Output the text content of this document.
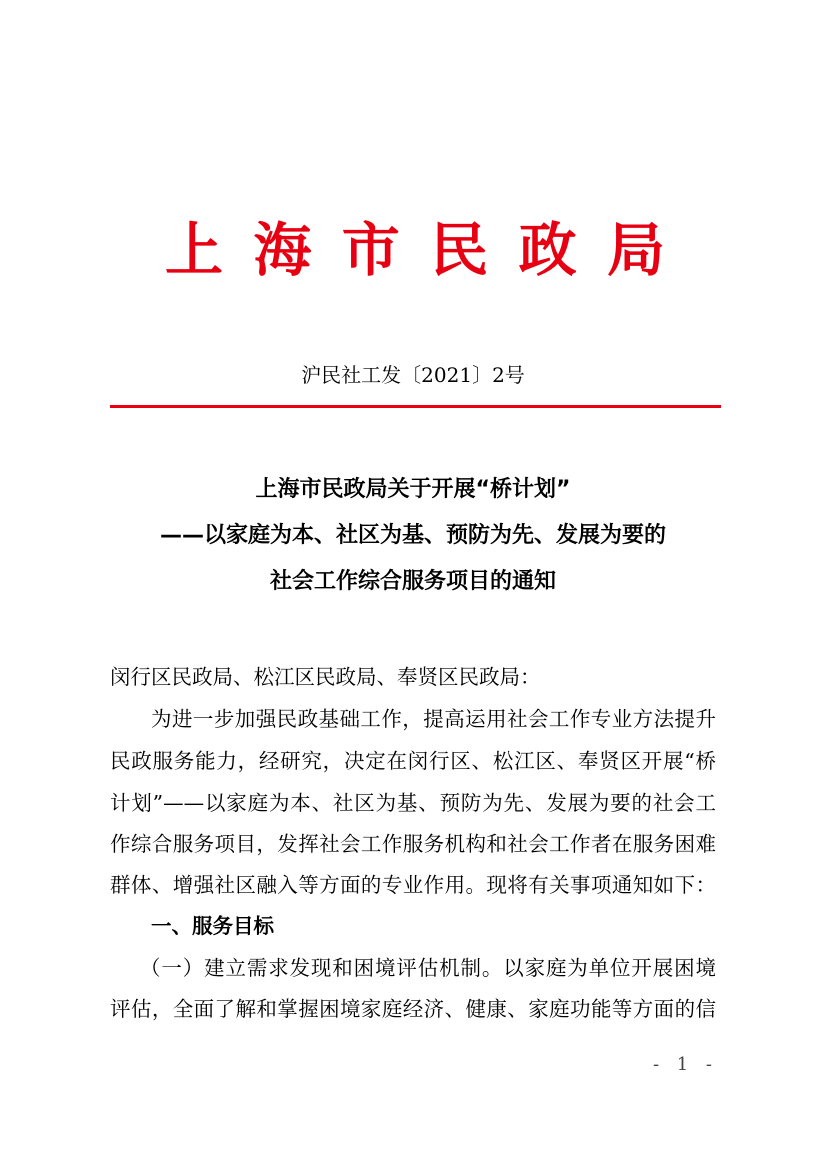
上海市民政局
沪民社工发〔2021〕2号
上海市民政局关于开展“桥计划”
——以家庭为本、社区为基、预防为先、发展为要的
社会工作综合服务项目的通知
闵行区民政局、松江区民政局、奉贤区民政局：
为进一步加强民政基础工作，提高运用社会工作专业方法提升
民政服务能力，经研究，决定在闵行区、松江区、奉贤区开展“桥
计划”——以家庭为本、社区为基、预防为先、发展为要的社会工
作综合服务项目，发挥社会工作服务机构和社会工作者在服务困难
群体、增强社区融入等方面的专业作用。现将有关事项通知如下：
一、服务目标
（一）建立需求发现和困境评估机制。以家庭为单位开展困境
评估，全面了解和掌握困境家庭经济、健康、家庭功能等方面的信
- 1 -
